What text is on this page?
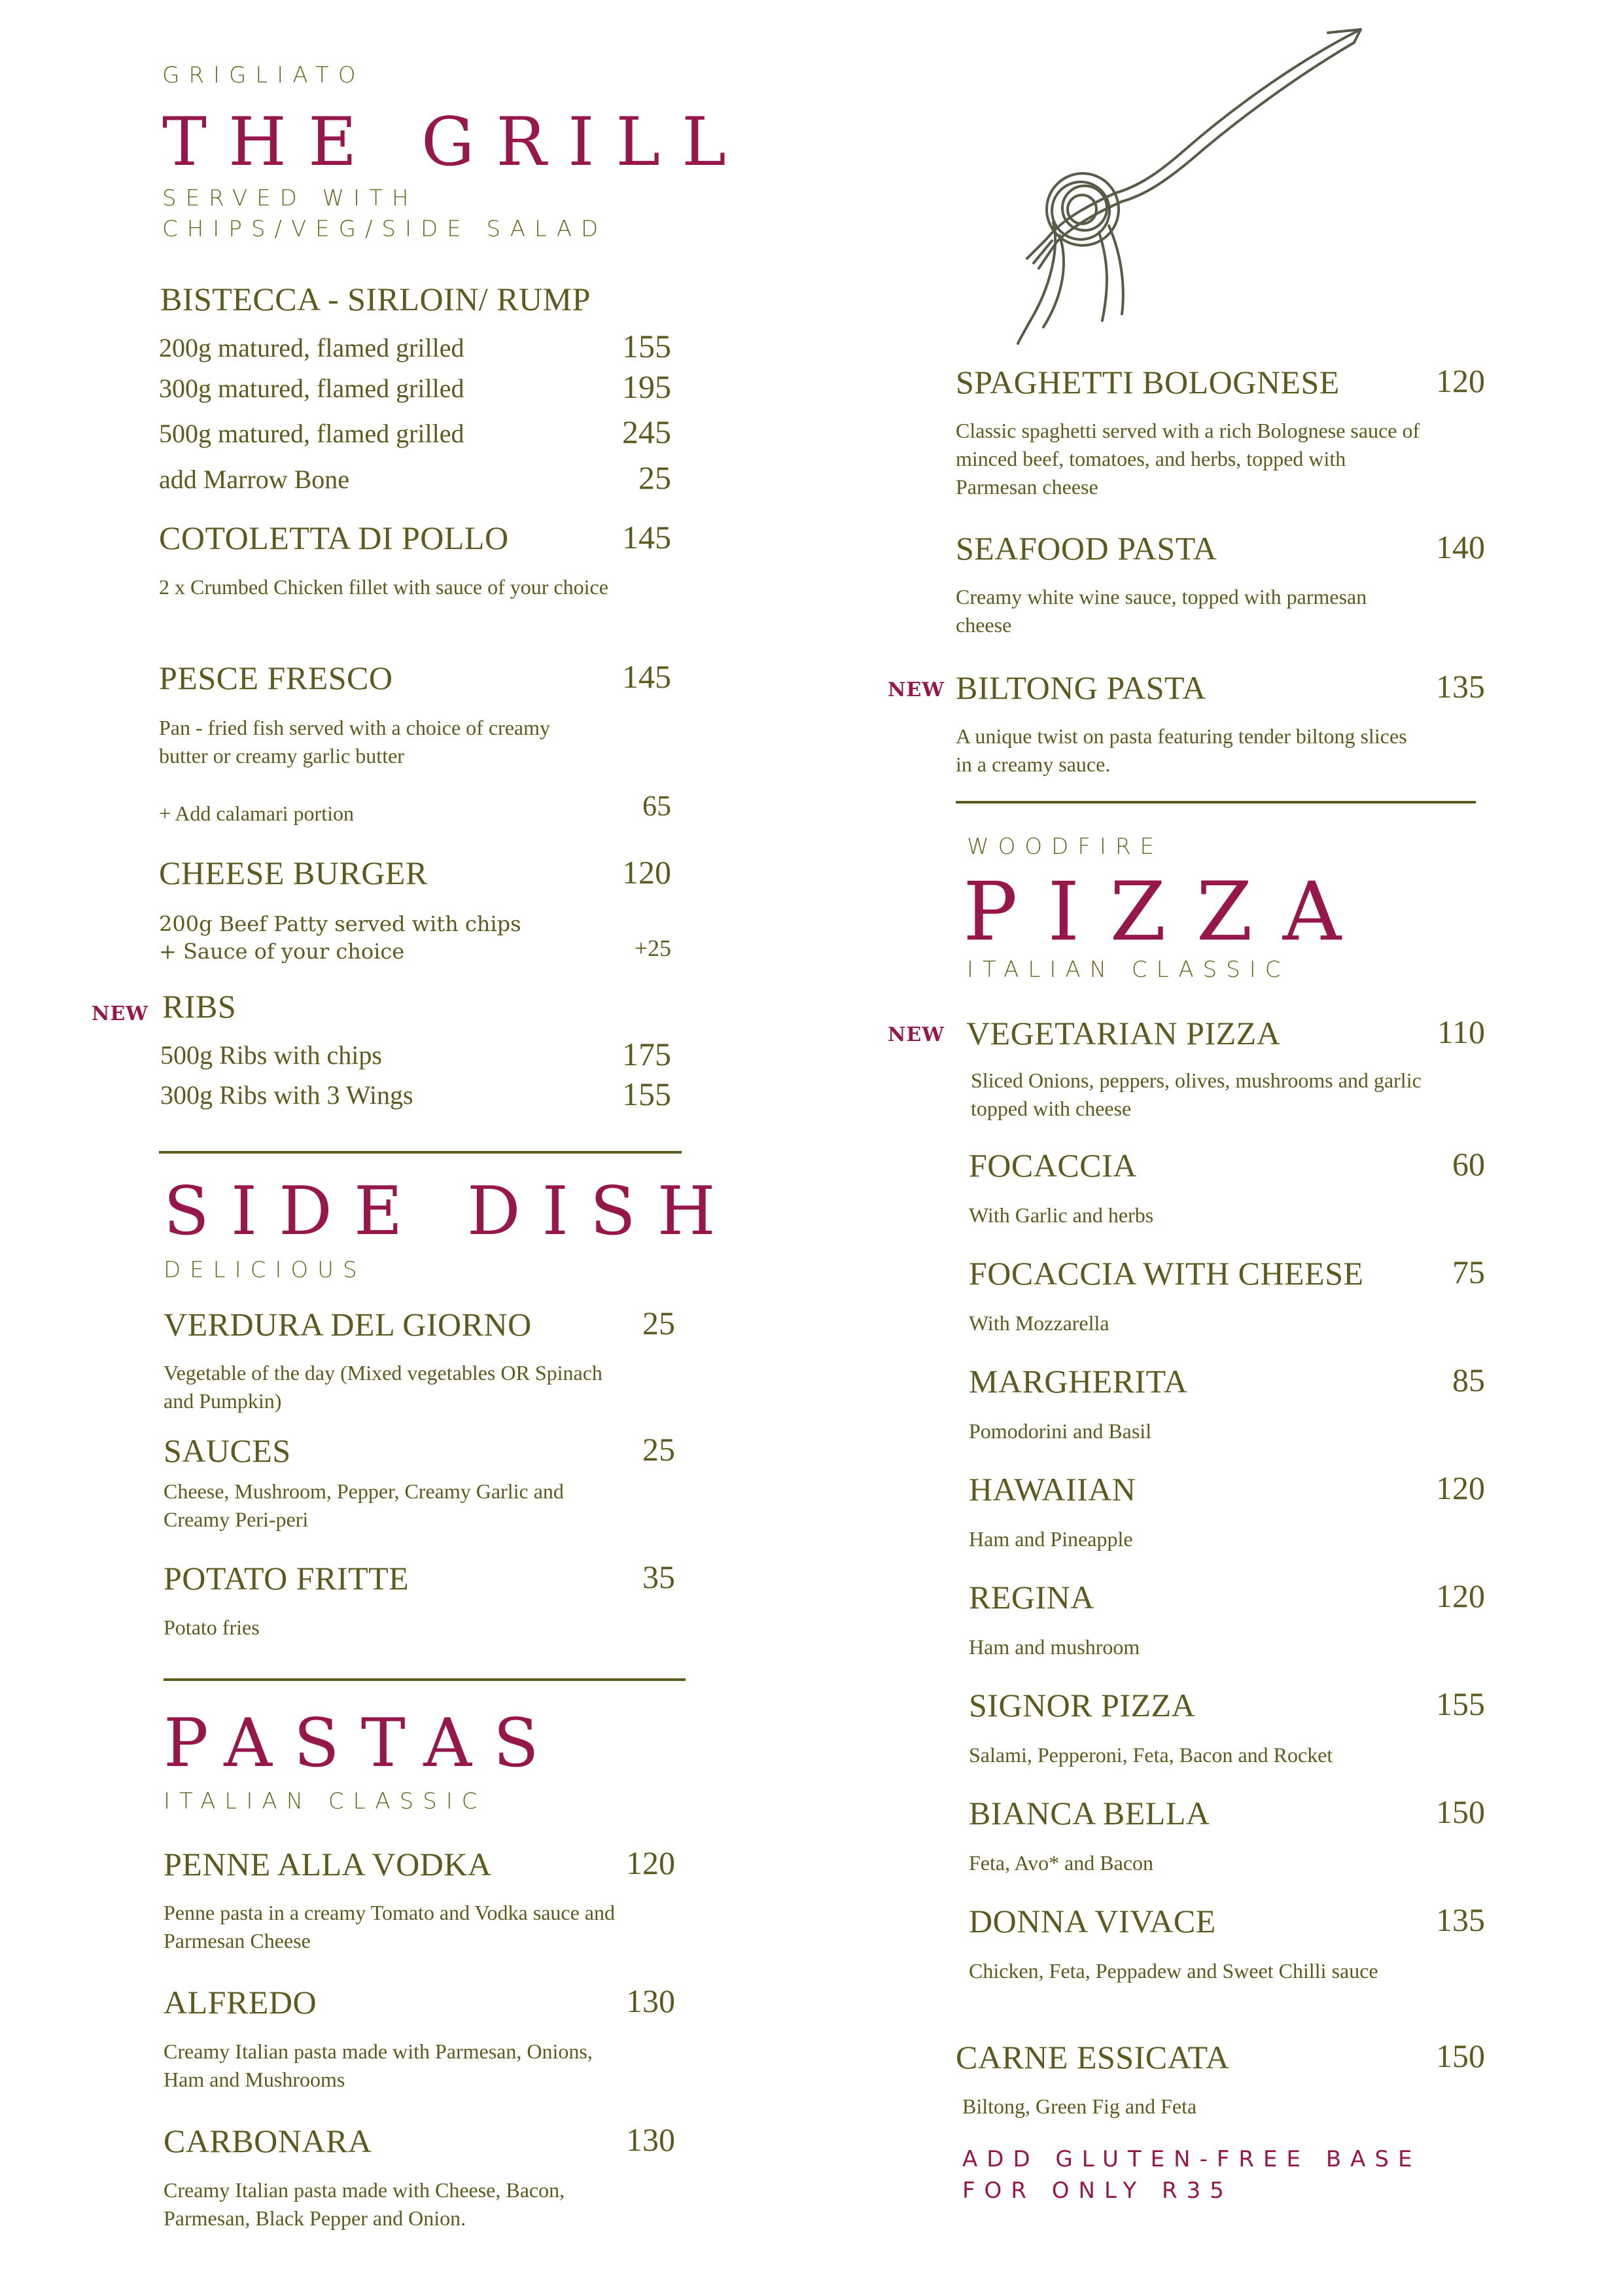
GRIGLIATO
THE GRILL
SERVED WITH
CHIPS/VEG/SIDE SALAD
BISTECCA - SIRLOIN/ RUMP
200g matured, flamed grilled	155
300g matured, flamed grilled	195
500g matured, flamed grilled	245
add Marrow Bone	25
COTOLETTA DI POLLO	145
2 x Crumbed Chicken fillet with sauce of your choice
PESCE FRESCO	145
Pan - fried fish served with a choice of creamy butter or creamy garlic butter
+ Add calamari portion	65
CHEESE BURGER	120
200g Beef Patty served with chips
+ Sauce of your choice	+25
NEW RIBS
500g Ribs with chips	175
300g Ribs with 3 Wings	155
SIDE DISH
DELICIOUS
VERDURA DEL GIORNO	25
Vegetable of the day (Mixed vegetables OR Spinach and Pumpkin)
SAUCES	25
Cheese, Mushroom, Pepper, Creamy Garlic and Creamy Peri-peri
POTATO FRITTE	35
Potato fries
PASTAS
ITALIAN CLASSIC
PENNE ALLA VODKA	120
Penne pasta in a creamy Tomato and Vodka sauce and Parmesan Cheese
ALFREDO	130
Creamy Italian pasta made with Parmesan, Onions, Ham and Mushrooms
CARBONARA	130
Creamy Italian pasta made with Cheese, Bacon, Parmesan, Black Pepper and Onion.
SPAGHETTI BOLOGNESE	120
Classic spaghetti served with a rich Bolognese sauce of minced beef, tomatoes, and herbs, topped with Parmesan cheese
SEAFOOD PASTA	140
Creamy white wine sauce, topped with parmesan cheese
NEW BILTONG PASTA	135
A unique twist on pasta featuring tender biltong slices in a creamy sauce.
WOODFIRE
PIZZA
ITALIAN CLASSIC
NEW VEGETARIAN PIZZA	110
Sliced Onions, peppers, olives, mushrooms and garlic topped with cheese
FOCACCIA	60
With Garlic and herbs
FOCACCIA WITH CHEESE	75
With Mozzarella
MARGHERITA	85
Pomodorini and Basil
HAWAIIAN	120
Ham and Pineapple
REGINA	120
Ham and mushroom
SIGNOR PIZZA	155
Salami, Pepperoni, Feta, Bacon and Rocket
BIANCA BELLA	150
Feta, Avo* and Bacon
DONNA VIVACE	135
Chicken, Feta, Peppadew and Sweet Chilli sauce
CARNE ESSICATA	150
Biltong, Green Fig and Feta
ADD GLUTEN-FREE BASE FOR ONLY R35
